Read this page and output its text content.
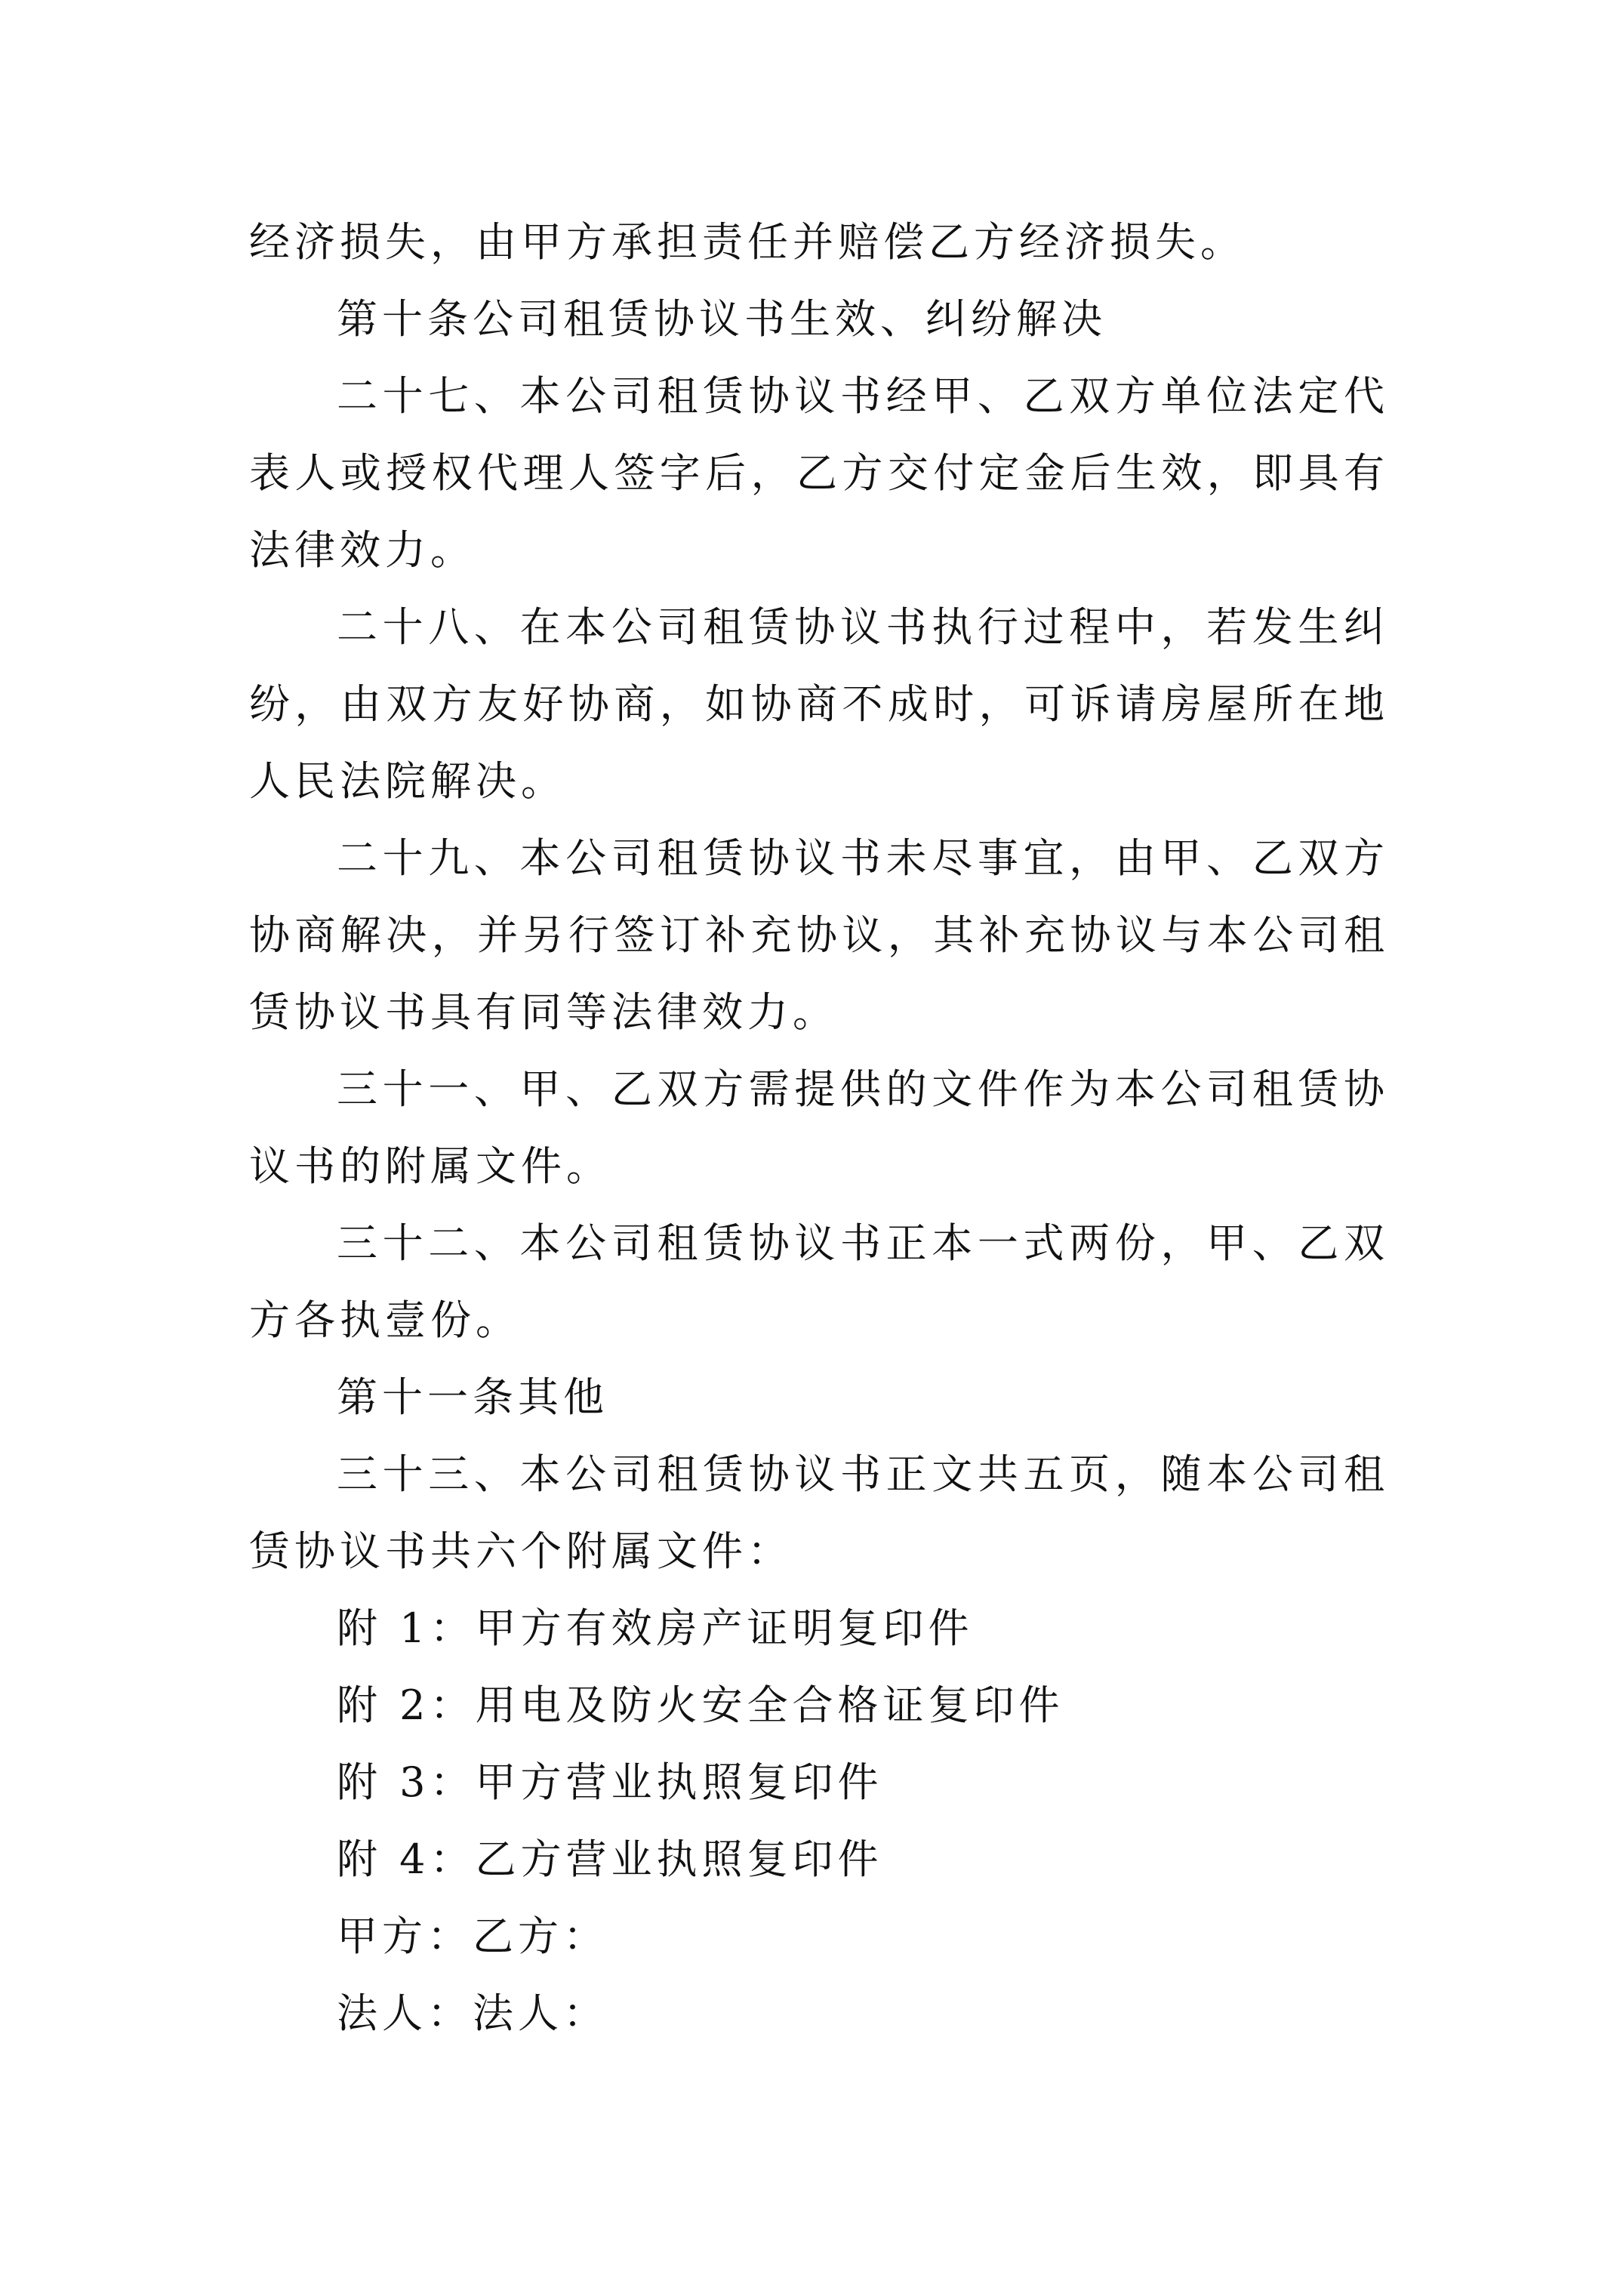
经济损失，由甲方承担责任并赔偿乙方经济损失。

第十条公司租赁协议书生效、纠纷解决

二十七、本公司租赁协议书经甲、乙双方单位法定代表人或授权代理人签字后，乙方交付定金后生效，即具有法律效力。

二十八、在本公司租赁协议书执行过程中，若发生纠纷，由双方友好协商，如协商不成时，可诉请房屋所在地人民法院解决。

二十九、本公司租赁协议书未尽事宜，由甲、乙双方协商解决，并另行签订补充协议，其补充协议与本公司租赁协议书具有同等法律效力。

三十一、甲、乙双方需提供的文件作为本公司租赁协议书的附属文件。

三十二、本公司租赁协议书正本一式两份，甲、乙双方各执壹份。

第十一条其他

三十三、本公司租赁协议书正文共五页，随本公司租赁协议书共六个附属文件：

附 1：甲方有效房产证明复印件

附 2：用电及防火安全合格证复印件

附 3：甲方营业执照复印件

附 4：乙方营业执照复印件

甲方：乙方：

法人：法人：
